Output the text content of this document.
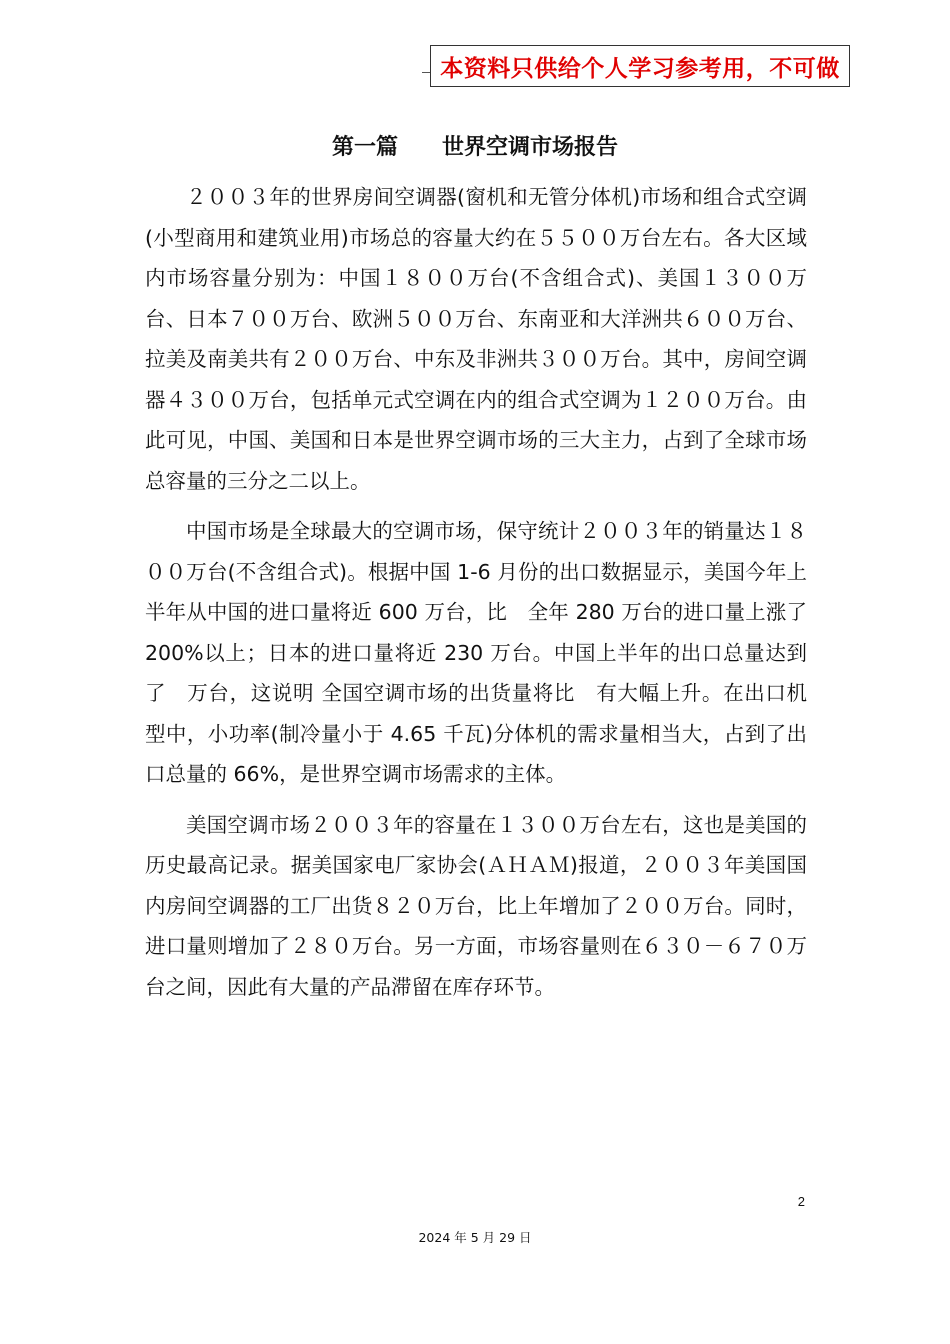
本资料只供给个人学习参考用，不可做
第一篇　　世界空调市场报告

２００３年的世界房间空调器(窗机和无管分体机)市场和组合式空调(小型商用和建筑业用)市场总的容量大约在５５００万台左右。各大区域内市场容量分别为：中国１８００万台(不含组合式)、美国１３００万台、日本７００万台、欧洲５００万台、东南亚和大洋洲共６００万台、拉美及南美共有２００万台、中东及非洲共３００万台。其中，房间空调器４３００万台，包括单元式空调在内的组合式空调为１２００万台。由此可见，中国、美国和日本是世界空调市场的三大主力，占到了全球市场总容量的三分之二以上。

中国市场是全球最大的空调市场，保守统计２００３年的销量达１８００万台(不含组合式)。根据中国 1-6 月份的出口数据显示，美国今年上半年从中国的进口量将近 600 万台，比　全年 280 万台的进口量上涨了 200%以上；日本的进口量将近 230 万台。中国上半年的出口总量达到了　万台，这说明 全国空调市场的出货量将比　有大幅上升。在出口机型中，小功率(制冷量小于 4.65 千瓦)分体机的需求量相当大，占到了出口总量的 66%，是世界空调市场需求的主体。

美国空调市场２００３年的容量在１３００万台左右，这也是美国的历史最高记录。据美国家电厂家协会(ＡＨＡＭ)报道，２００３年美国国内房间空调器的工厂出货８２０万台，比上年增加了２００万台。同时，进口量则增加了２８０万台。另一方面，市场容量则在６３０－６７０万台之间，因此有大量的产品滞留在库存环节。

2
2024 年 5 月 29 日
